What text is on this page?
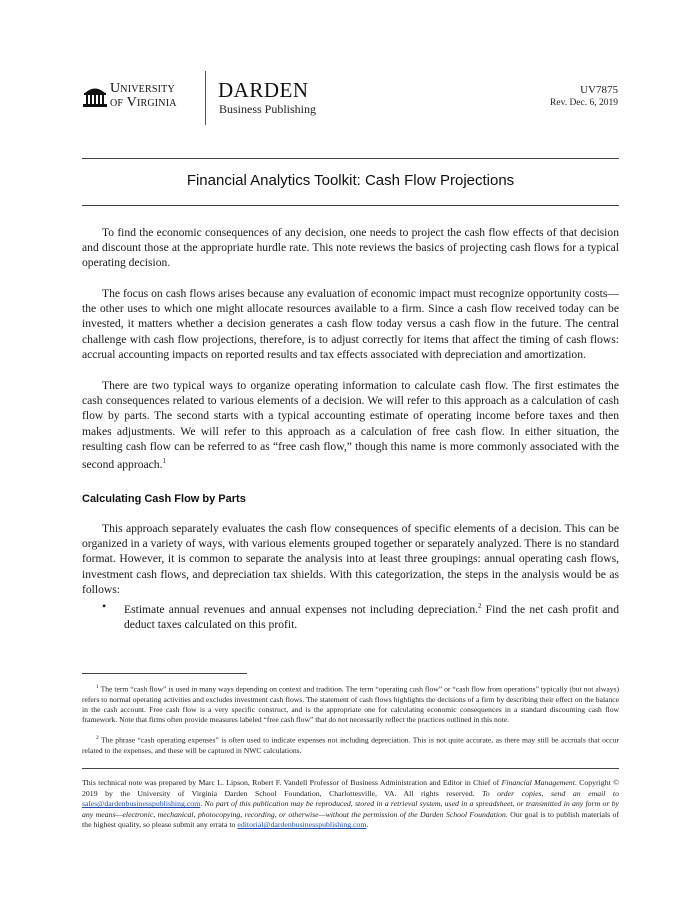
University
of Virginia
DARDEN
Business Publishing
UV7875
Rev. Dec. 6, 2019
Financial Analytics Toolkit: Cash Flow Projections

To find the economic consequences of any decision, one needs to project the cash flow effects of that decision and discount those at the appropriate hurdle rate. This note reviews the basics of projecting cash flows for a typical operating decision.

The focus on cash flows arises because any evaluation of economic impact must recognize opportunity costs—the other uses to which one might allocate resources available to a firm. Since a cash flow received today can be invested, it matters whether a decision generates a cash flow today versus a cash flow in the future. The central challenge with cash flow projections, therefore, is to adjust correctly for items that affect the timing of cash flows: accrual accounting impacts on reported results and tax effects associated with depreciation and amortization.

There are two typical ways to organize operating information to calculate cash flow. The first estimates the cash consequences related to various elements of a decision. We will refer to this approach as a calculation of cash flow by parts. The second starts with a typical accounting estimate of operating income before taxes and then makes adjustments. We will refer to this approach as a calculation of free cash flow. In either situation, the resulting cash flow can be referred to as “free cash flow,” though this name is more commonly associated with the second approach.$^1$

Calculating Cash Flow by Parts

This approach separately evaluates the cash flow consequences of specific elements of a decision. This can be organized in a variety of ways, with various elements grouped together or separately analyzed. There is no standard format. However, it is common to separate the analysis into at least three groupings: annual operating cash flows, investment cash flows, and depreciation tax shields. With this categorization, the steps in the analysis would be as follows:

• Estimate annual revenues and annual expenses not including depreciation.$^2$ Find the net cash profit and deduct taxes calculated on this profit.

$^1$ The term “cash flow” is used in many ways depending on context and tradition. The term “operating cash flow” or “cash flow from operations” typically (but not always) refers to normal operating activities and excludes investment cash flows. The statement of cash flows highlights the decisions of a firm by describing their effect on the balance in the cash account. Free cash flow is a very specific construct, and is the appropriate one for calculating economic consequences in a standard discounting cash flow framework. Note that firms often provide measures labeled “free cash flow” that do not necessarily reflect the practices outlined in this note.

$^2$ The phrase “cash operating expenses” is often used to indicate expenses not including depreciation. This is not quite accurate, as there may still be accruals that occur related to the expenses, and these will be captured in NWC calculations.

This technical note was prepared by Marc L. Lipson, Robert F. Vandell Professor of Business Administration and Editor in Chief of Financial Management. Copyright © 2019 by the University of Virginia Darden School Foundation, Charlottesville, VA. All rights reserved. To order copies, send an email to sales@dardenbusinesspublishing.com. No part of this publication may be reproduced, stored in a retrieval system, used in a spreadsheet, or transmitted in any form or by any means—electronic, mechanical, photocopying, recording, or otherwise—without the permission of the Darden School Foundation. Our goal is to publish materials of the highest quality, so please submit any errata to editorial@dardenbusinesspublishing.com.
